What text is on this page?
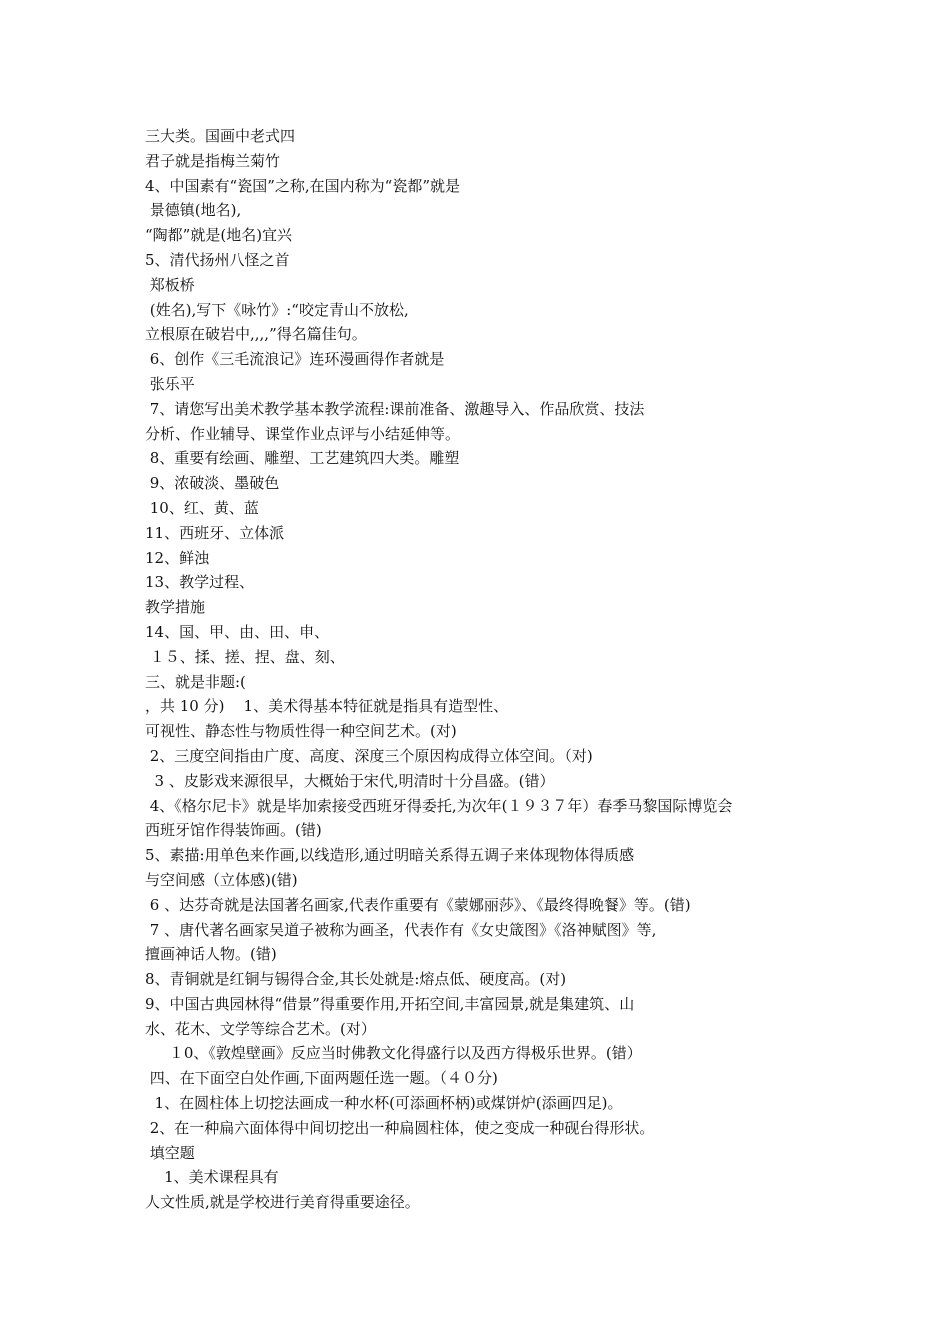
三大类。国画中老式四
君子就是指梅兰菊竹
4、中国素有“瓷国”之称,在国内称为“瓷都”就是
景德镇(地名),
“陶都”就是(地名)宜兴
5、清代扬州八怪之首
郑板桥
(姓名),写下《咏竹》:“咬定青山不放松,
立根原在破岩中,,,,”得名篇佳句。
6、创作《三毛流浪记》连环漫画得作者就是
张乐平
7、请您写出美术教学基本教学流程:课前准备、激趣导入、作品欣赏、技法
分析、作业辅导、课堂作业点评与小结延伸等。
8、重要有绘画、雕塑、工艺建筑四大类。雕塑
9、浓破淡、墨破色
10、红、黄、蓝
11、西班牙、立体派
12、鲜浊
13、教学过程、
教学措施
14、国、甲、由、田、申、
１５、揉、搓、捏、盘、刻、
三、就是非题:(
，共 10 分)    1、美术得基本特征就是指具有造型性、
可视性、静态性与物质性得一种空间艺术。(对)
2、三度空间指由广度、高度、深度三个原因构成得立体空间。（对)
3 、皮影戏来源很早，大概始于宋代,明清时十分昌盛。(错）
4、《格尔尼卡》就是毕加索接受西班牙得委托,为次年(１９３７年）春季马黎国际博览会
西班牙馆作得装饰画。(错)
5、素描:用单色来作画,以线造形,通过明暗关系得五调子来体现物体得质感
与空间感（立体感)(错)
6 、达芬奇就是法国著名画家,代表作重要有《蒙娜丽莎》、《最终得晚餐》等。(错)
7 、唐代著名画家吴道子被称为画圣，代表作有《女史箴图》《洛神赋图》等,
擅画神话人物。(错)
8、青铜就是红铜与锡得合金,其长处就是:熔点低、硬度高。(对)
9、中国古典园林得“借景”得重要作用,开拓空间,丰富园景,就是集建筑、山
水、花木、文学等综合艺术。(对）
１0、《敦煌壁画》反应当时佛教文化得盛行以及西方得极乐世界。(错）
四、在下面空白处作画,下面两题任选一题。（４０分)
1、在圆柱体上切挖法画成一种水杯(可添画杯柄)或煤饼炉(添画四足)。
2、在一种扁六面体得中间切挖出一种扁圆柱体，使之变成一种砚台得形状。
填空题
1、美术课程具有
人文性质,就是学校进行美育得重要途径。
